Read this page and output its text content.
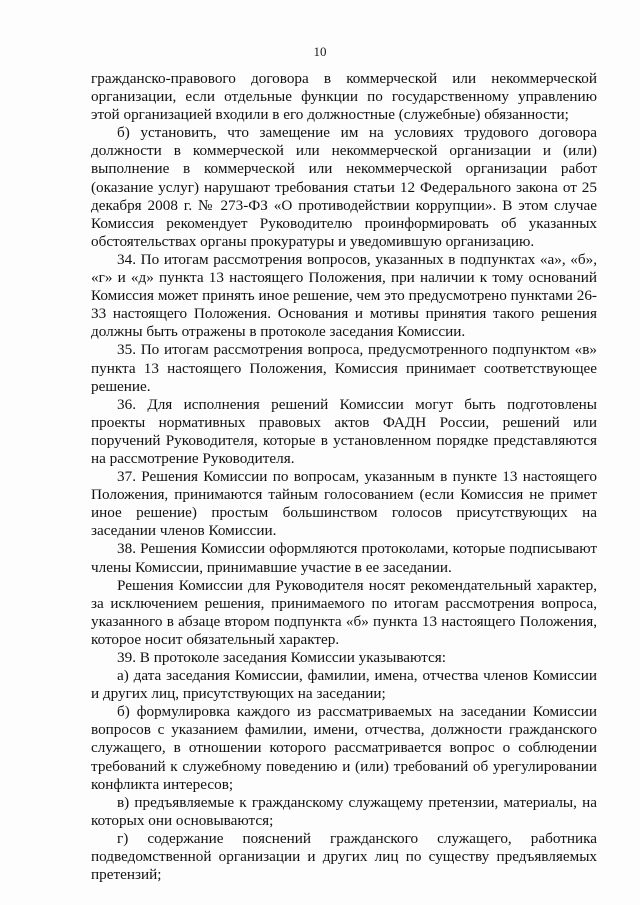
10

гражданско-правового договора в коммерческой или некоммерческой организации, если отдельные функции по государственному управлению этой организацией входили в его должностные (служебные) обязанности;

б) установить, что замещение им на условиях трудового договора должности в коммерческой или некоммерческой организации и (или) выполнение в коммерческой или некоммерческой организации работ (оказание услуг) нарушают требования статьи 12 Федерального закона от 25 декабря 2008 г. № 273-ФЗ «О противодействии коррупции». В этом случае Комиссия рекомендует Руководителю проинформировать об указанных обстоятельствах органы прокуратуры и уведомившую организацию.

34. По итогам рассмотрения вопросов, указанных в подпунктах «а», «б», «г» и «д» пункта 13 настоящего Положения, при наличии к тому оснований Комиссия может принять иное решение, чем это предусмотрено пунктами 26-33 настоящего Положения. Основания и мотивы принятия такого решения должны быть отражены в протоколе заседания Комиссии.

35. По итогам рассмотрения вопроса, предусмотренного подпунктом «в» пункта 13 настоящего Положения, Комиссия принимает соответствующее решение.

36. Для исполнения решений Комиссии могут быть подготовлены проекты нормативных правовых актов ФАДН России, решений или поручений Руководителя, которые в установленном порядке представляются на рассмотрение Руководителя.

37. Решения Комиссии по вопросам, указанным в пункте 13 настоящего Положения, принимаются тайным голосованием (если Комиссия не примет иное решение) простым большинством голосов присутствующих на заседании членов Комиссии.

38. Решения Комиссии оформляются протоколами, которые подписывают члены Комиссии, принимавшие участие в ее заседании.

Решения Комиссии для Руководителя носят рекомендательный характер, за исключением решения, принимаемого по итогам рассмотрения вопроса, указанного в абзаце втором подпункта «б» пункта 13 настоящего Положения, которое носит обязательный характер.

39. В протоколе заседания Комиссии указываются:

а) дата заседания Комиссии, фамилии, имена, отчества членов Комиссии и других лиц, присутствующих на заседании;

б) формулировка каждого из рассматриваемых на заседании Комиссии вопросов с указанием фамилии, имени, отчества, должности гражданского служащего, в отношении которого рассматривается вопрос о соблюдении требований к служебному поведению и (или) требований об урегулировании конфликта интересов;

в) предъявляемые к гражданскому служащему претензии, материалы, на которых они основываются;

г) содержание пояснений гражданского служащего, работника подведомственной организации и других лиц по существу предъявляемых претензий;
